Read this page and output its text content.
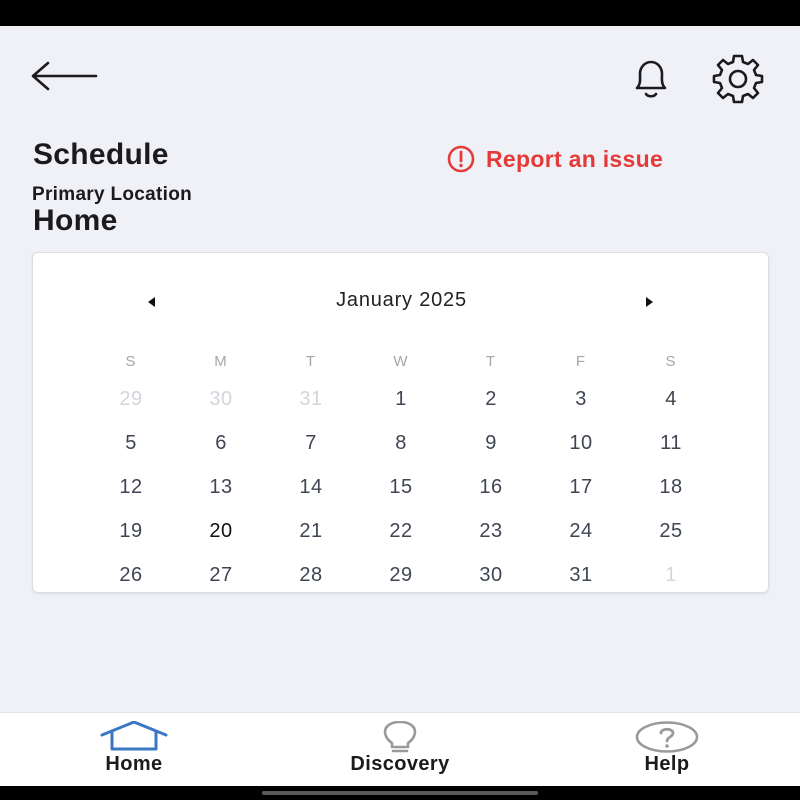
Schedule	Report an issue
Primary Location
Home
January 2025
S	M	T	W	T	F	S
29	30	31	1	2	3	4
5	6	7	8	9	10	11
12	13	14	15	16	17	18
19	20	21	22	23	24	25
26	27	28	29	30	31	1
Home	Discovery	Help
